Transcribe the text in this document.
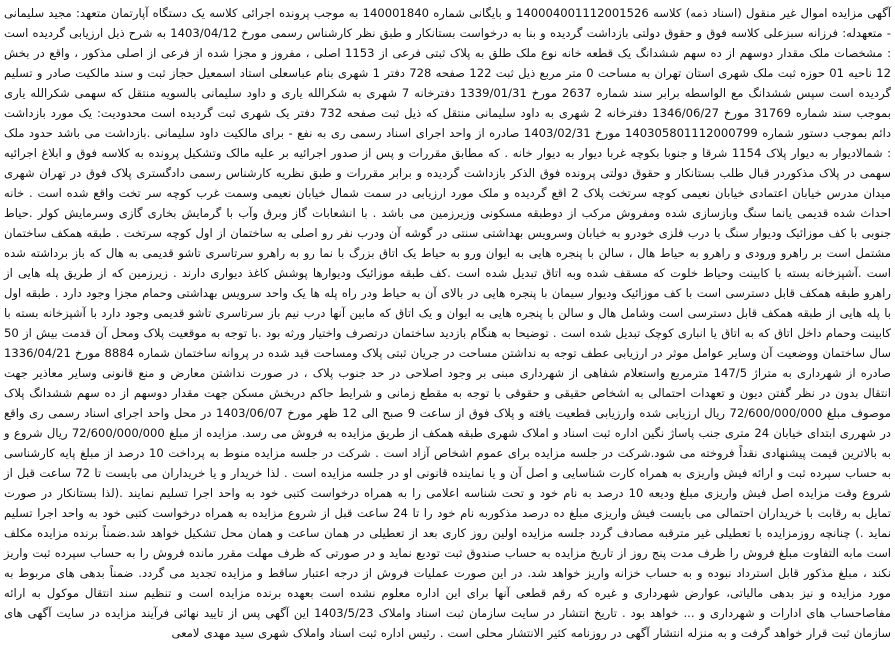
آگهی مزایده اموال غیر منقول (اسناد ذمه) کلاسه 140004001112001526 و بایگانی شماره 140001840 به موجب پرونده اجرائی کلاسه یک دستگاه آپارتمان متعهد: مجید سلیمانی - متعهدله: فرزانه سبزعلی کلاسه فوق و حقوق دولتی بازداشت گردیده و بنا به درخواست بستانکار و طبق نظر کارشناس رسمی مورخ 1403/04/12 به شرح ذیل ارزیابی گردیده است : مشخصات ملک مقدار دوسهم از ده سهم ششدانگ یک قطعه خانه نوع ملک طلق به پلاک ثبتی فرعی از 1153 اصلی ، مفروز و مجزا شده از فرعی از اصلی مذکور ، واقع در بخش 12 ناحیه 01 حوزه ثبت ملک شهری استان تهران به مساحت 0 متر مربع ذیل ثبت 122 صفحه 728 دفتر 1 شهری بنام عباسعلی استاد اسمعیل حجاز ثبت و سند مالکیت صادر و تسلیم گردیده است سپس ششدانگ مع الواسطه برابر سند شماره 2637 مورخ 1339/01/31 دفترخانه 7 شهری به شکرالله یاری و داود سلیمانی بالسویه منتقل که سهمی شکرالله یاری بموجب سند شماره 31769 مورخ 1346/06/27 دفترخانه 2 شهری به داود سلیمانی منتقل که ذیل ثبت صفحه 732 دفتر یک شهری ثبت گردیده است محدودیت: یک مورد بازداشت دائم بموجب دستور شماره 140305801112000799 مورخ 1403/02/31 صادره از واحد اجرای اسناد رسمی ری به نفع - برای مالکیت داود سلیمانی .بازداشت می باشد حدود ملک : شمالادیوار به دیوار پلاک 1154 شرقا و جنوبا بکوچه غربا دیوار به دیوار خانه . که مطابق مقررات و پس از صدور اجرائیه بر علیه مالک وتشکیل پرونده به کلاسه فوق و ابلاغ اجرائیه سهمی در پلاک مذکوردر قبال طلب بستانکار و حقوق دولتی پرونده فوق الذکر بازداشت گردیده و برابر مقررات و طبق نظریه کارشناس رسمی دادگستری پلاک فوق در تهران شهری میدان مدرس خیابان اعتمادی خیابان نعیمی کوچه سرتخت پلاک 2 اقع گردیده و ملک مورد ارزیابی در سمت شمال خیابان نعیمی وسمت غرب کوچه سر تخت واقع شده است . خانه احداث شده قدیمی یانما سنگ وبازسازی شده ومفروش مرکب از دوطبقه مسکونی وزیرزمین می باشد . با انشعابات گاز وبرق وآب با گرمایش بخاری گازی وسرمایش کولر .حیاط جنوبی با کف موزائیک ودیوار سنگ با درب فلزی خودرو به خیابان وسرویس بهداشتی سنتی در گوشه آن ودرب نفر رو اصلی به ساختمان از اول کوچه سرتخت . طبقه همکف ساختمان مشتمل است بر راهرو ورودی و راهرو به حیاط هال ، سالن با پنجره هایی به ایوان ورو به حیاط یک اتاق بزرگ با نما رو به راهرو سرتاسری تاشو قدیمی به هال که باز برداشته شده است .آشپزخانه بسته با کابینت وحیاط خلوت که مسقف شده وبه اتاق تبدیل شده است .کف طبقه موزائیک ودیوارها پوشش کاغذ دیواری دارند . زیرزمین که از طریق پله هایی از راهرو طبقه همکف قابل دسترسی است با کف موزائیک ودیوار سیمان با پنجره هایی در بالای آن به حیاط ودر راه پله ها یک واحد سرویس بهداشتی وحمام مجزا وجود دارد . طبقه اول با پله هایی از طبقه همکف قابل دسترسی است وشامل هال و سالن با پنجره هایی به ایوان و یک اتاق که مابین آنها درب نیم باز سرتاسری تاشو قدیمی وجود دارد با آشپزخانه بسته با کابینت وحمام داخل اتاق که به اتاق یا انباری کوچک تبدیل شده است . توضیحا به هنگام بازدید ساختمان درتصرف واختیار ورثه بود .با توجه به موقعیت پلاک ومحل آن قدمت بیش از 50 سال ساختمان ووضعیت آن وسایر عوامل موثر در ارزیابی عطف توجه به نداشتن مساحت در جریان ثبتی پلاک ومساحت قید شده در پروانه ساختمان شماره 8884 مورخ 1336/04/21 صادره از شهرداری به متراژ 147/5 مترمربع واستعلام شفاهی از شهرداری مبنی بر وجود اصلاحی در حد جنوب پلاک ، در صورت نداشتن معارض و منع قانونی وسایر معاذیر جهت انتقال بدون در نظر گفتن دیون و تعهدات احتمالی به اشخاص حقیقی و حقوقی با توجه به مقطع زمانی و شرایط حاکم دربخش مسکن جهت مقدار دوسهم از ده سهم ششدانگ پلاک موصوف مبلغ 72/600/000/000 ریال ارزیابی شده وارزیابی قطعیت یافته و پلاک فوق از ساعت 9 صبح الی 12 ظهر مورخ 1403/06/07 در محل واحد اجرای اسناد رسمی ری واقع در شهرری ابتدای خیابان 24 متری جنب پاساژ نگین اداره ثبت اسناد و املاک شهری طبقه همکف از طریق مزایده به فروش می رسد. مزایده از مبلغ 72/600/000/000 ریال شروع و به بالاترین قیمت پیشنهادی نقداً فروخته می شود.شرکت در جلسه مزایده برای عموم اشخاص آزاد است . شرکت در جلسه مزایده منوط به پرداخت 10 درصد از مبلغ پایه کارشناسی به حساب سپرده ثبت و ارائه فیش واریزی به همراه کارت شناسایی و اصل آن و یا نماینده قانونی او در جلسه مزایده است . لذا خریدار و یا خریداران می بایست تا 72 ساعت قبل از شروع وقت مزایده اصل فیش واریزی مبلغ ودیعه 10 درصد به نام خود و تحت شناسه اعلامی را به همراه درخواست کتبی خود به واحد اجرا تسلیم نمایند .(لذا بستانکار در صورت تمایل به رقابت با خریداران احتمالی می بایست فیش واریزی مبلغ ده درصد مذکوربه نام خود را تا 24 ساعت قبل از شروع مزایده به همراه درخواست کتبی خود به واحد اجرا تسلیم نماید .) چنانچه روزمزایده با تعطیلی غیر مترقبه مصادف گردد جلسه مزایده اولین روز کاری بعد از تعطیلی در همان ساعت و همان محل تشکیل خواهد شد.ضمناً برنده مزایده مکلف است مابه التفاوت مبلغ فروش را ظرف مدت پنج روز از تاریخ مزایده به حساب صندوق ثبت تودیع نماید و در صورتی که ظرف مهلت مقرر مانده فروش را به حساب سپرده ثبت واریز نکند ، مبلغ مذکور قابل استرداد نبوده و به حساب خزانه واریز خواهد شد. در این صورت عملیات فروش از درجه اعتبار ساقط و مزایده تجدید می گردد. ضمناً بدهی های مربوط به مورد مزایده و نیز بدهی مالیاتی، عوارض شهرداری و غیره که رقم قطعی آنها برای این اداره معلوم نشده است بعهده برنده مزایده است و تنظیم سند انتقال موکول به ارائه مفاصاحساب های ادارات و شهرداری و ... خواهد بود . تاریخ انتشار در سایت سازمان ثبت اسناد واملاک 1403/5/23 این آگهی پس از تایید نهائی فرآیند مزایده در سایت آگهی های سازمان ثبت قرار خواهد گرفت و به منزله انتشار آگهی در روزنامه کثیر الانتشار محلی است . رئیس اداره ثبت اسناد واملاک شهری سید مهدی لامعی
